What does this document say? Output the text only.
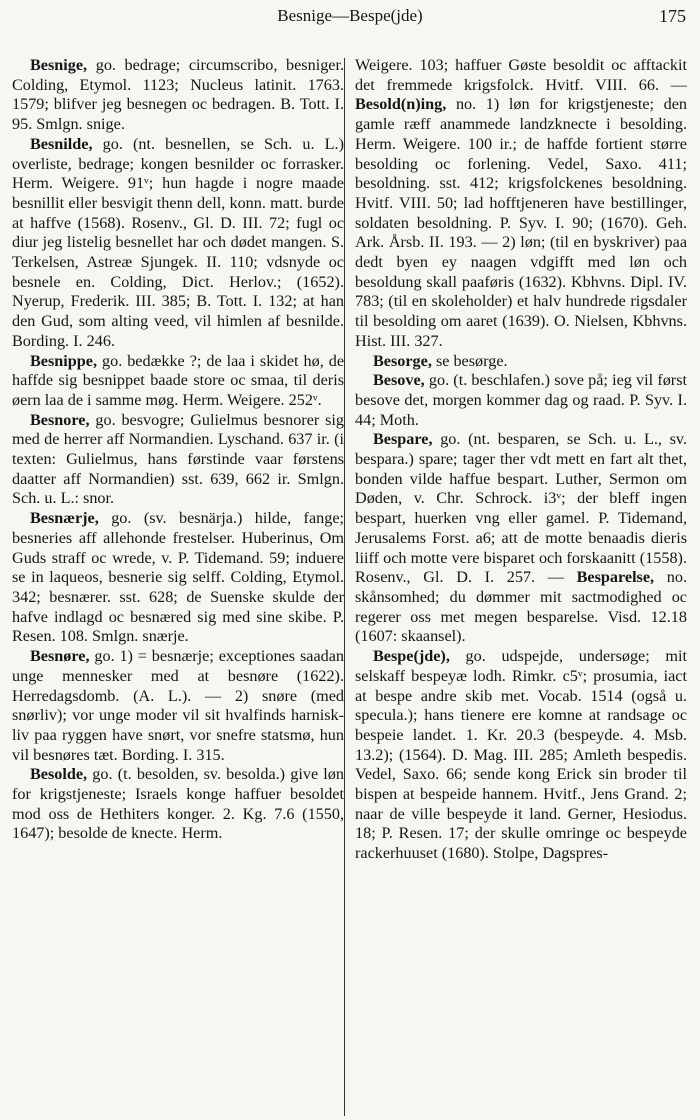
Besnige—Bespe(jde)	175

Besnige, go. bedrage; circumscribo, besniger. Colding, Etymol. 1123; Nucleus latinit. 1763. 1579; blifver jeg besnegen oc bedragen. B. Tott. I. 95. Smlgn. snige.

Besnilde, go. (nt. besnellen, se Sch. u. L.) overliste, bedrage; kongen besnilder oc forrasker. Herm. Weigere. 91ᵛ; hun hagde i nogre maade besnillit eller besvigit thenn dell, konn. matt. burde at haffve (1568). Rosenv., Gl. D. III. 72; fugl oc diur jeg listelig besnellet har och dødet mangen. S. Terkelsen, Astreæ Sjungek. II. 110; vdsnyde oc besnele en. Colding, Dict. Herlov.; (1652). Nyerup, Frederik. III. 385; B. Tott. I. 132; at han den Gud, som alting veed, vil himlen af besnilde. Bording. I. 246.

Besnippe, go. bedække ?; de laa i skidet hø, de haffde sig besnippet baade store oc smaa, til deris øern laa de i samme møg. Herm. Weigere. 252ᵛ.

Besnore, go. besvogre; Gulielmus besnorer sig med de herrer aff Normandien. Lyschand. 637 ir. (i texten: Gulielmus, hans førstinde vaar førstens daatter aff Normandien) sst. 639, 662 ir. Smlgn. Sch. u. L.: snor.

Besnærje, go. (sv. besnärja.) hilde, fange; besneries aff allehonde frestelser. Huberinus, Om Guds straff oc wrede, v. P. Tidemand. 59; induere se in laqueos, besnerie sig selff. Colding, Etymol. 342; besnærer. sst. 628; de Suenske skulde der hafve indlagd oc besnæred sig med sine skibe. P. Resen. 108. Smlgn. snærje.

Besnøre, go. 1) = besnærje; exceptiones saadan unge mennesker med at besnøre (1622). Herredagsdomb. (A. L.). — 2) snøre (med snørliv); vor unge moder vil sit hvalfinds harnisk-liv paa ryggen have snørt, vor snefre statsmø, hun vil besnøres tæt. Bording. I. 315.

Besolde, go. (t. besolden, sv. besolda.) give løn for krigstjeneste; Israels konge haffuer besoldet mod oss de Hethiters konger. 2. Kg. 7.6 (1550, 1647); besolde de knecte. Herm.

Weigere. 103; haffuer Gøste besoldit oc afftackit det fremmede krigsfolck. Hvitf. VIII. 66. — Besold(n)ing, no. 1) løn for krigstjeneste; den gamle ræff anammede landzknecte i besolding. Herm. Weigere. 100 ir.; de haffde fortient større besolding oc forlening. Vedel, Saxo. 411; besoldning. sst. 412; krigsfolckenes besoldning. Hvitf. VIII. 50; lad hofftjeneren have bestillinger, soldaten besoldning. P. Syv. I. 90; (1670). Geh. Ark. Årsb. II. 193. — 2) løn; (til en byskriver) paa dedt byen ey naagen vdgifft med løn och besoldung skall paaføris (1632). Kbhvns. Dipl. IV. 783; (til en skoleholder) et halv hundrede rigsdaler til besolding om aaret (1639). O. Nielsen, Kbhvns. Hist. III. 327.

Besorge, se besørge.

Besove, go. (t. beschlafen.) sove på; ieg vil først besove det, morgen kommer dag og raad. P. Syv. I. 44; Moth.

Bespare, go. (nt. besparen, se Sch. u. L., sv. bespara.) spare; tager ther vdt mett en fart alt thet, bonden vilde haffue bespart. Luther, Sermon om Døden, v. Chr. Schrock. i3ᵛ; der bleff ingen bespart, huerken vng eller gamel. P. Tidemand, Jerusalems Forst. a6; att de motte benaadis dieris liiff och motte vere bisparet och forskaanitt (1558). Rosenv., Gl. D. I. 257. — Besparelse, no. skånsomhed; du dømmer mit sactmodighed oc regerer oss met megen besparelse. Visd. 12.18 (1607: skaansel).

Bespe(jde), go. udspejde, undersøge; mit selskaff bespeyæ lodh. Rimkr. c5ᵛ; prosumia, iact at bespe andre skib met. Vocab. 1514 (også u. specula.); hans tienere ere komne at randsage oc bespeie landet. 1. Kr. 20.3 (bespeyde. 4. Msb. 13.2); (1564). D. Mag. III. 285; Amleth bespedis. Vedel, Saxo. 66; sende kong Erick sin broder til bispen at bespeide hannem. Hvitf., Jens Grand. 2; naar de ville bespeyde it land. Gerner, Hesiodus. 18; P. Resen. 17; der skulle omringe oc bespeyde rackerhuuset (1680). Stolpe, Dagspres-
